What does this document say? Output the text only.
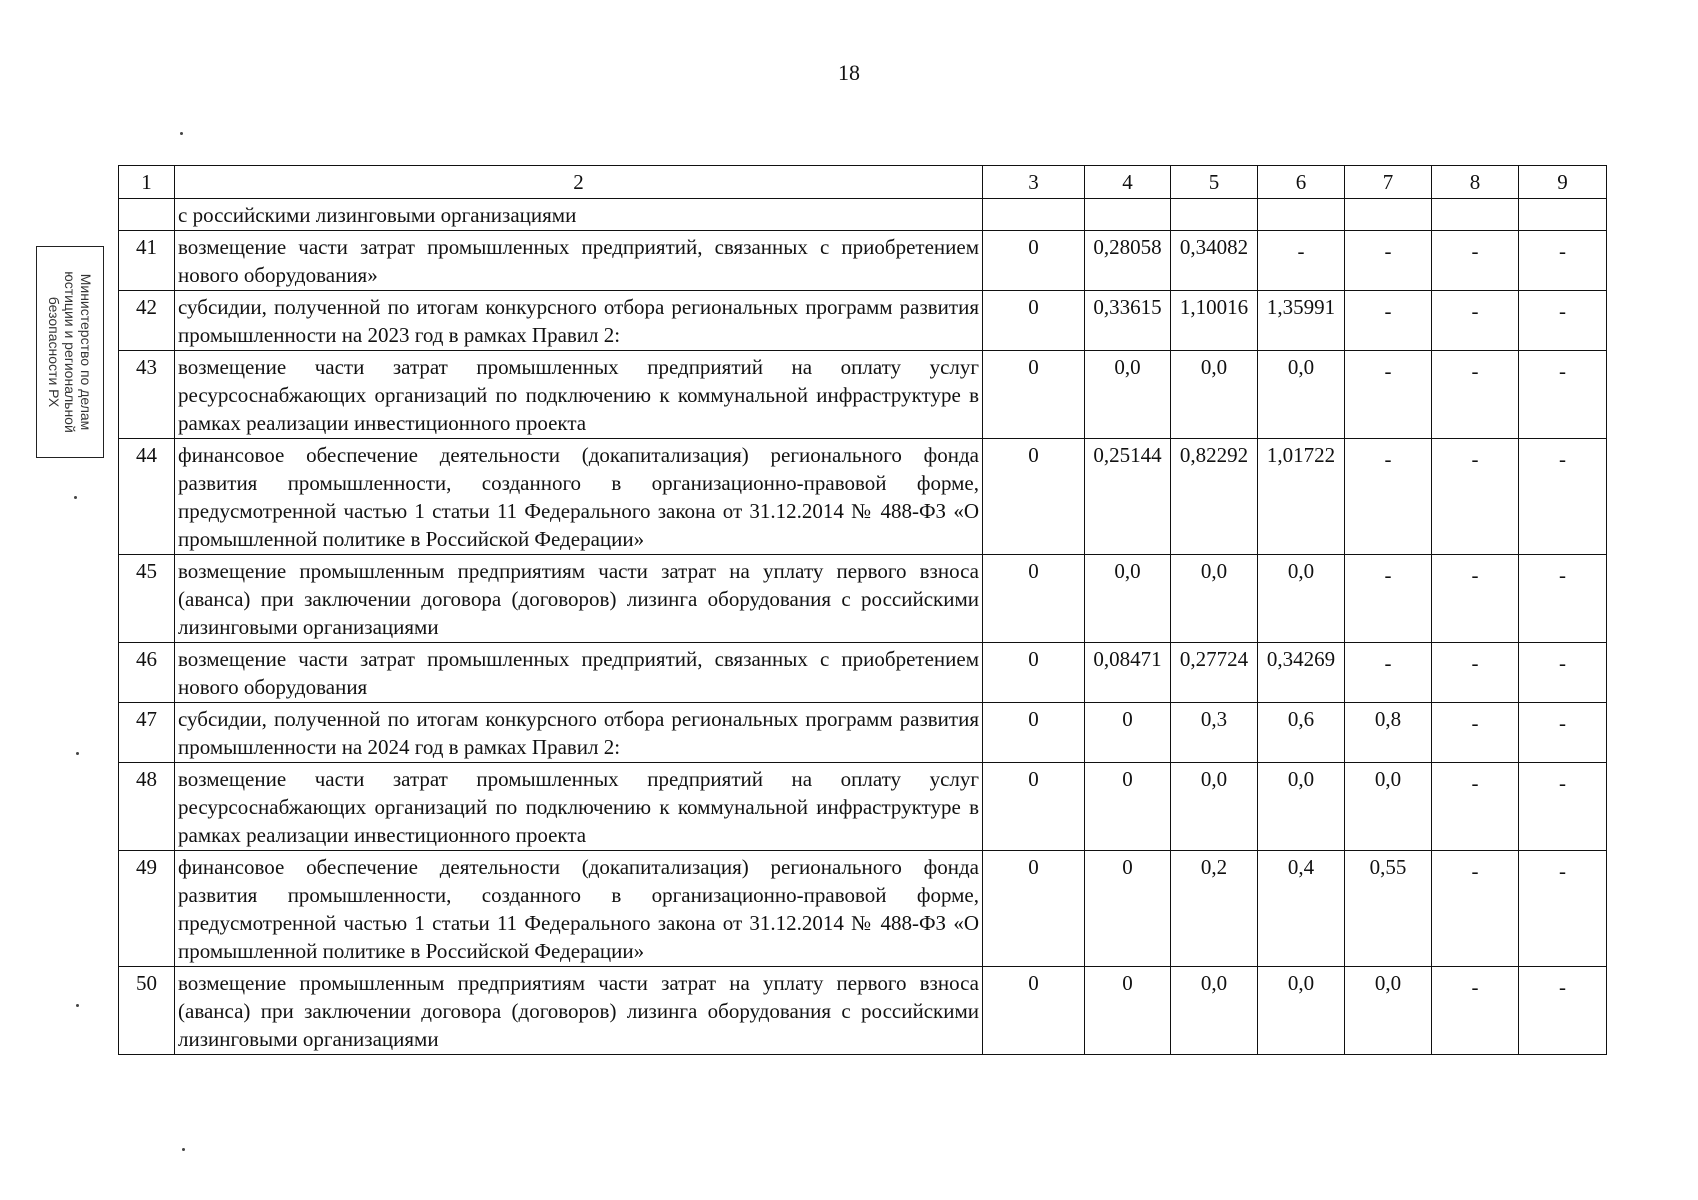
18
Министерство по делам
юстиции и региональной
безопасности РХ
1	2	3	4	5	6	7	8	9
	с российскими лизинговыми организациями							
41	возмещение части затрат промышленных предприятий, связанных с приобретением нового оборудования»	0	0,28058	0,34082	-	-	-	-
42	субсидии, полученной по итогам конкурсного отбора региональных программ развития промышленности на 2023 год в рамках Правил 2:	0	0,33615	1,10016	1,35991	-	-	-
43	возмещение части затрат промышленных предприятий на оплату услуг ресурсоснабжающих организаций по подключению к коммунальной инфраструктуре в рамках реализации инвестиционного проекта	0	0,0	0,0	0,0	-	-	-
44	финансовое обеспечение деятельности (докапитализация) регионального фонда развития промышленности, созданного в организационно-правовой форме, предусмотренной частью 1 статьи 11 Федерального закона от 31.12.2014 № 488-ФЗ «О промышленной политике в Российской Федерации»	0	0,25144	0,82292	1,01722	-	-	-
45	возмещение промышленным предприятиям части затрат на уплату первого взноса (аванса) при заключении договора (договоров) лизинга оборудования с российскими лизинговыми организациями	0	0,0	0,0	0,0	-	-	-
46	возмещение части затрат промышленных предприятий, связанных с приобретением нового оборудования	0	0,08471	0,27724	0,34269	-	-	-
47	субсидии, полученной по итогам конкурсного отбора региональных программ развития промышленности на 2024 год в рамках Правил 2:	0	0	0,3	0,6	0,8	-	-
48	возмещение части затрат промышленных предприятий на оплату услуг ресурсоснабжающих организаций по подключению к коммунальной инфраструктуре в рамках реализации инвестиционного проекта	0	0	0,0	0,0	0,0	-	-
49	финансовое обеспечение деятельности (докапитализация) регионального фонда развития промышленности, созданного в организационно-правовой форме, предусмотренной частью 1 статьи 11 Федерального закона от 31.12.2014 № 488-ФЗ «О промышленной политике в Российской Федерации»	0	0	0,2	0,4	0,55	-	-
50	возмещение промышленным предприятиям части затрат на уплату первого взноса (аванса) при заключении договора (договоров) лизинга оборудования с российскими лизинговыми организациями	0	0	0,0	0,0	0,0	-	-
